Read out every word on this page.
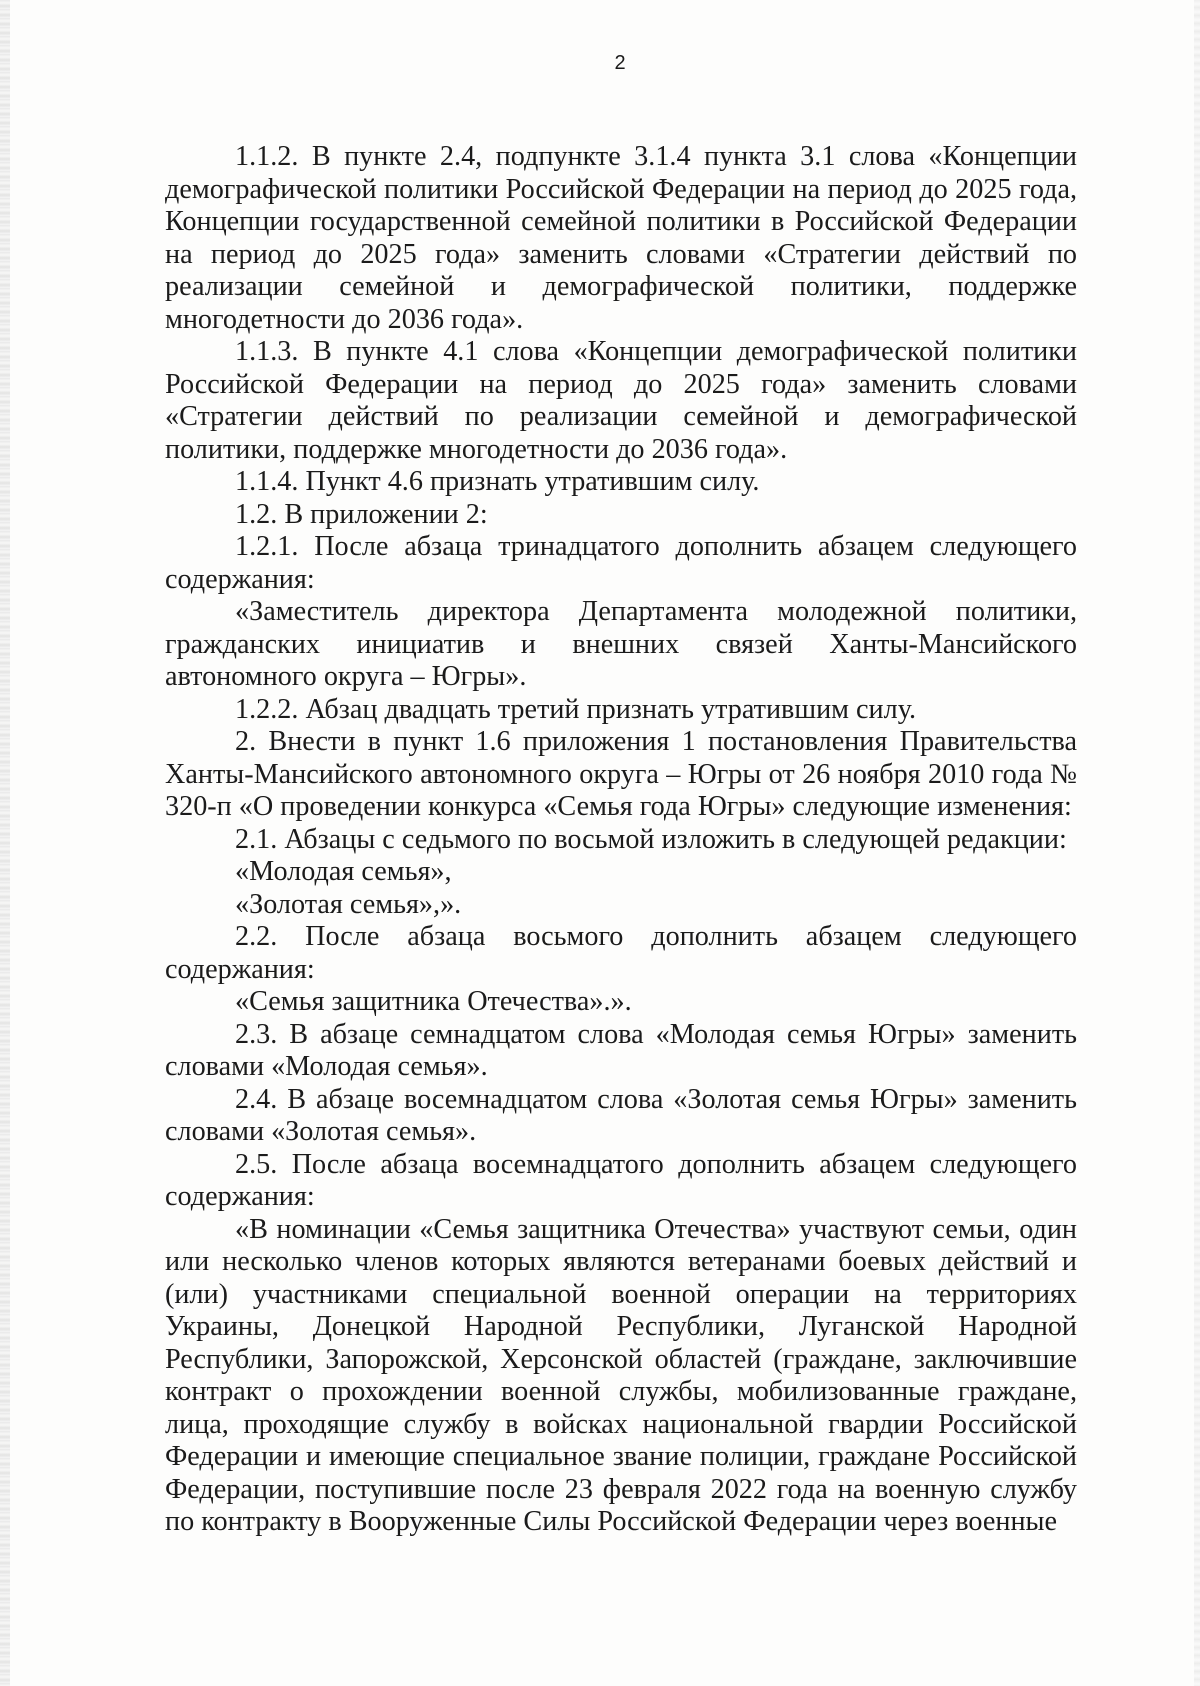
2

1.1.2. В пункте 2.4, подпункте 3.1.4 пункта 3.1 слова «Концепции демографической политики Российской Федерации на период до 2025 года, Концепции государственной семейной политики в Российской Федерации на период до 2025 года» заменить словами «Стратегии действий по реализации семейной и демографической политики, поддержке многодетности до 2036 года».

1.1.3. В пункте 4.1 слова «Концепции демографической политики Российской Федерации на период до 2025 года» заменить словами «Стратегии действий по реализации семейной и демографической политики, поддержке многодетности до 2036 года».

1.1.4. Пункт 4.6 признать утратившим силу.

1.2. В приложении 2:

1.2.1. После абзаца тринадцатого дополнить абзацем следующего содержания:

«Заместитель директора Департамента молодежной политики, гражданских инициатив и внешних связей Ханты-Мансийского автономного округа – Югры».

1.2.2. Абзац двадцать третий признать утратившим силу.

2. Внести в пункт 1.6 приложения 1 постановления Правительства Ханты-Мансийского автономного округа – Югры от 26 ноября 2010 года № 320-п «О проведении конкурса «Семья года Югры» следующие изменения:

2.1. Абзацы с седьмого по восьмой изложить в следующей редакции:

«Молодая семья»,

«Золотая семья»,».

2.2. После абзаца восьмого дополнить абзацем следующего содержания:

«Семья защитника Отечества».».

2.3. В абзаце семнадцатом слова «Молодая семья Югры» заменить словами «Молодая семья».

2.4. В абзаце восемнадцатом слова «Золотая семья Югры» заменить словами «Золотая семья».

2.5. После абзаца восемнадцатого дополнить абзацем следующего содержания:

«В номинации «Семья защитника Отечества» участвуют семьи, один или несколько членов которых являются ветеранами боевых действий и (или) участниками специальной военной операции на территориях Украины, Донецкой Народной Республики, Луганской Народной Республики, Запорожской, Херсонской областей (граждане, заключившие контракт о прохождении военной службы, мобилизованные граждане, лица, проходящие службу в войсках национальной гвардии Российской Федерации и имеющие специальное звание полиции, граждане Российской Федерации, поступившие после 23 февраля 2022 года на военную службу по контракту в Вооруженные Силы Российской Федерации через военные
